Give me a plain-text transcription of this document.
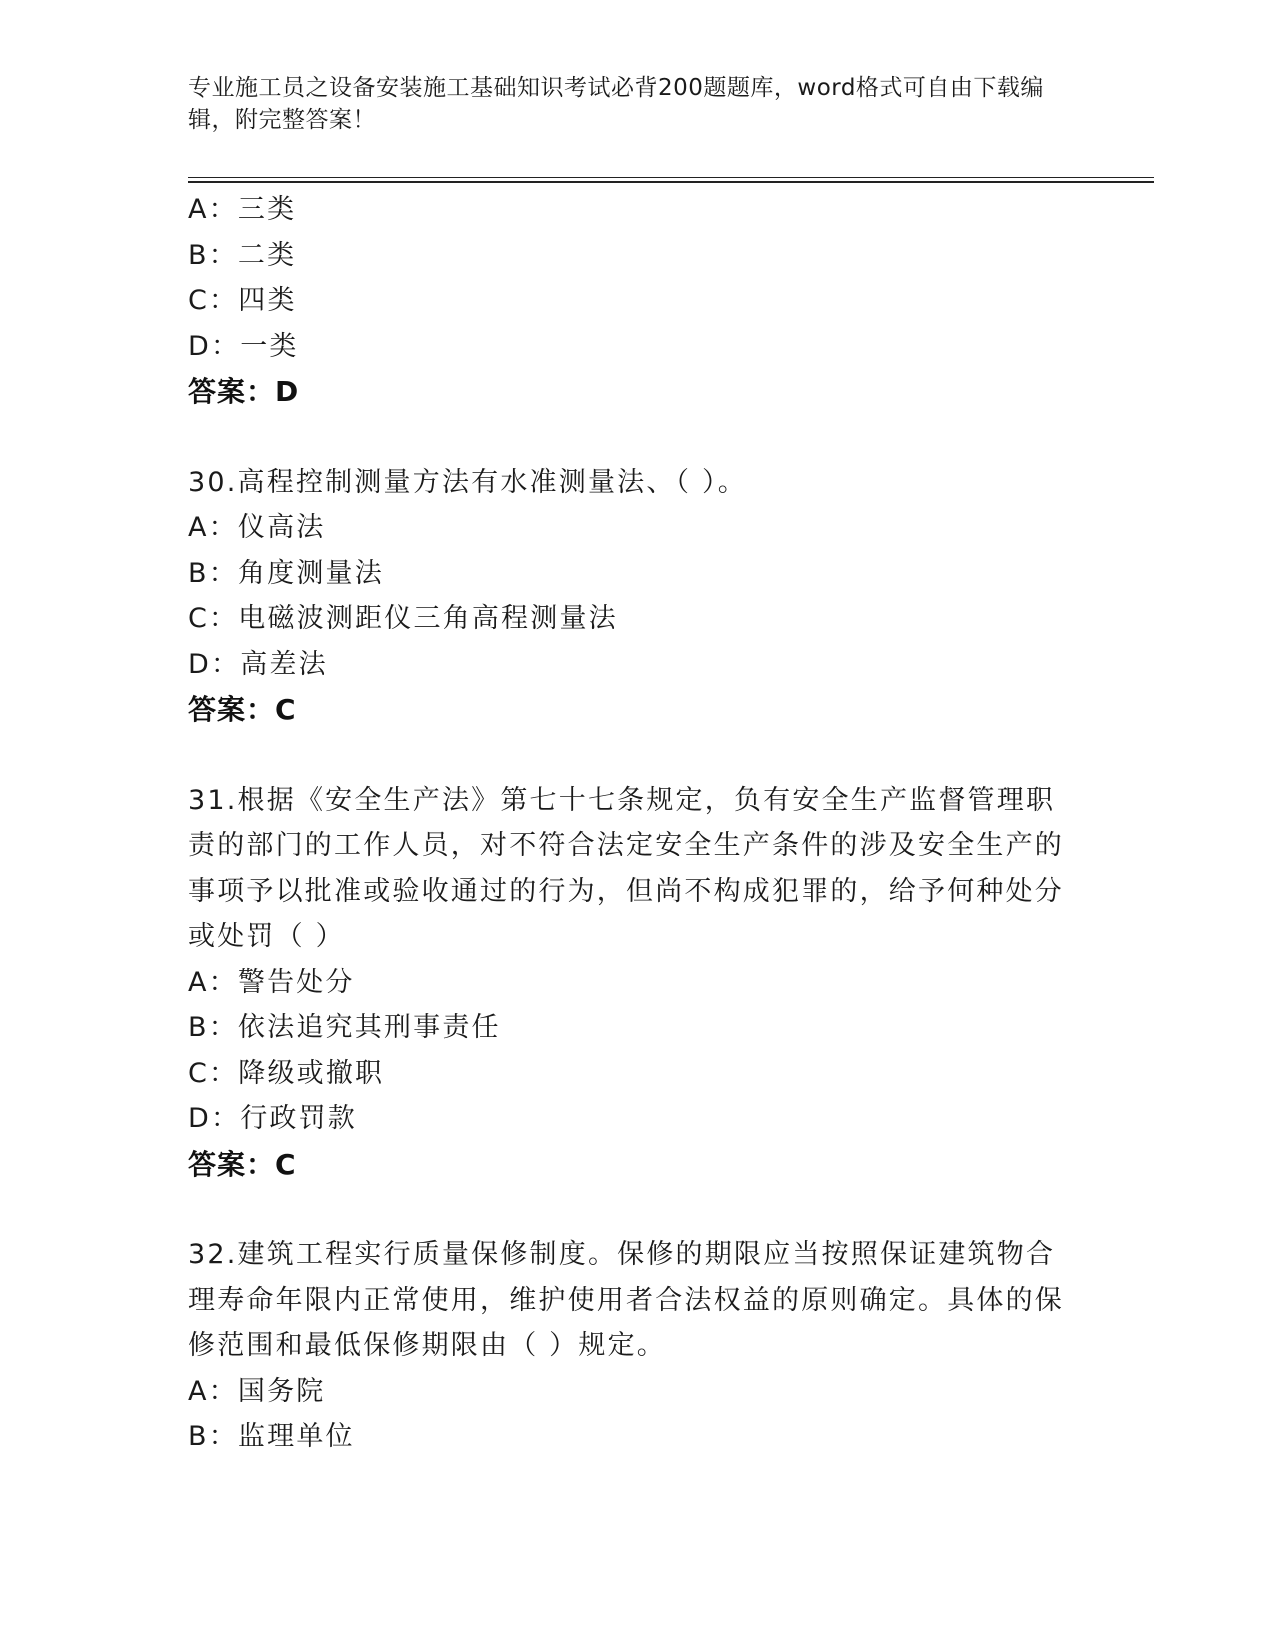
专业施工员之设备安装施工基础知识考试必背200题题库，word格式可自由下载编辑，附完整答案！
A：三类
B：二类
C：四类
D：一类
答案：D
30.高程控制测量方法有水准测量法、（ ）。
A：仪高法
B：角度测量法
C：电磁波测距仪三角高程测量法
D：高差法
答案：C
31.根据《安全生产法》第七十七条规定，负有安全生产监督管理职责的部门的工作人员，对不符合法定安全生产条件的涉及安全生产的事项予以批准或验收通过的行为，但尚不构成犯罪的，给予何种处分或处罚（ ）
A：警告处分
B：依法追究其刑事责任
C：降级或撤职
D：行政罚款
答案：C
32.建筑工程实行质量保修制度。保修的期限应当按照保证建筑物合理寿命年限内正常使用，维护使用者合法权益的原则确定。具体的保修范围和最低保修期限由（ ）规定。
A：国务院
B：监理单位
